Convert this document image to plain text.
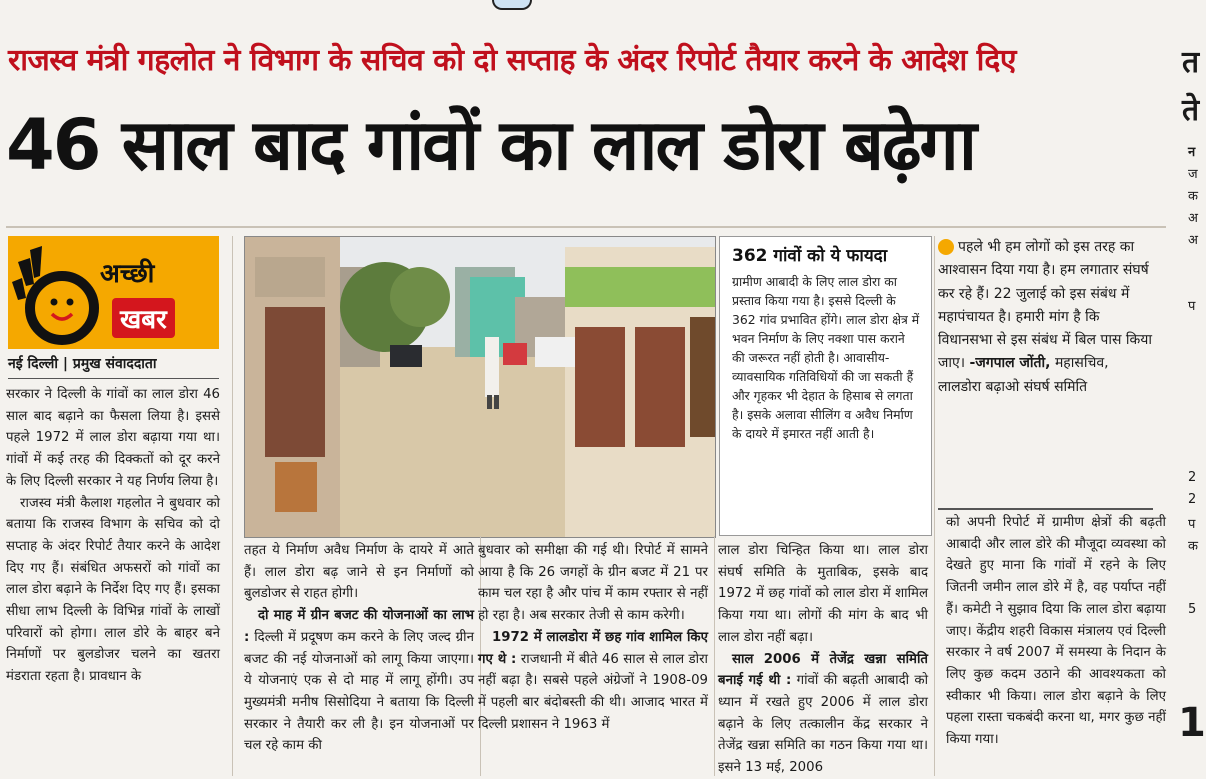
राजस्व मंत्री गहलोत ने विभाग के सचिव को दो सप्ताह के अंदर रिपोर्ट तैयार करने के आदेश दिए
46 साल बाद गांवों का लाल डोरा बढ़ेगा
अच्छी
खबर
नई दिल्ली | प्रमुख संवाददाता

सरकार ने दिल्ली के गांवों का लाल डोरा 46 साल बाद बढ़ाने का फैसला लिया है। इससे पहले 1972 में लाल डोरा बढ़ाया गया था। गांवों में कई तरह की दिक्कतों को दूर करने के लिए दिल्ली सरकार ने यह निर्णय लिया है।

राजस्व मंत्री कैलाश गहलोत ने बुधवार को बताया कि राजस्व विभाग के सचिव को दो सप्ताह के अंदर रिपोर्ट तैयार करने के आदेश दिए गए हैं। संबंधित अफसरों को गांवों का लाल डोरा बढ़ाने के निर्देश दिए गए हैं। इसका सीधा लाभ दिल्ली के विभिन्न गांवों के लाखों परिवारों को होगा। लाल डोरे के बाहर बने निर्माणों पर बुलडोजर चलने का खतरा मंडराता रहता है। प्रावधान के

362 गांवों को ये फायदा

ग्रामीण आबादी के लिए लाल डोरा का प्रस्ताव किया गया है। इससे दिल्ली के 362 गांव प्रभावित होंगे। लाल डोरा क्षेत्र में भवन निर्माण के लिए नक्शा पास कराने की जरूरत नहीं होती है। आवासीय-व्यावसायिक गतिविधियों की जा सकती हैं और गृहकर भी देहात के हिसाब से लगता है। इसके अलावा सीलिंग व अवैध निर्माण के दायरे में इमारत नहीं आती है।

पहले भी हम लोगों को इस तरह का आश्वासन दिया गया है। हम लगातार संघर्ष कर रहे हैं। 22 जुलाई को इस संबंध में महापंचायत है। हमारी मांग है कि विधानसभा से इस संबंध में बिल पास किया जाए। -जगपाल जोंती, महासचिव, लालडोरा बढ़ाओ संघर्ष समिति

तहत ये निर्माण अवैध निर्माण के दायरे में आते हैं। लाल डोरा बढ़ जाने से इन निर्माणों को बुलडोजर से राहत होगी।

दो माह में ग्रीन बजट की योजनाओं का लाभ : दिल्ली में प्रदूषण कम करने के लिए जल्द ग्रीन बजट की नई योजनाओं को लागू किया जाएगा। ये योजनाएं एक से दो माह में लागू होंगी। उप मुख्यमंत्री मनीष सिसोदिया ने बताया कि दिल्ली सरकार ने तैयारी कर ली है। इन योजनाओं पर चल रहे काम की

बुधवार को समीक्षा की गई थी। रिपोर्ट में सामने आया है कि 26 जगहों के ग्रीन बजट में 21 पर काम चल रहा है और पांच में काम रफ्तार से नहीं हो रहा है। अब सरकार तेजी से काम करेगी।

1972 में लालडोरा में छह गांव शामिल किए गए थे : राजधानी में बीते 46 साल से लाल डोरा नहीं बढ़ा है। सबसे पहले अंग्रेजों ने 1908-09 में पहली बार बंदोबस्ती की थी। आजाद भारत में दिल्ली प्रशासन ने 1963 में

लाल डोरा चिन्हित किया था। लाल डोरा संघर्ष समिति के मुताबिक, इसके बाद 1972 में छह गांवों को लाल डोरा में शामिल किया गया था। लोगों की मांग के बाद भी लाल डोरा नहीं बढ़ा।

साल 2006 में तेजेंद्र खन्ना समिति बनाई गई थी : गांवों की बढ़ती आबादी को ध्यान में रखते हुए 2006 में लाल डोरा बढ़ाने के लिए तत्कालीन केंद्र सरकार ने तेजेंद्र खन्ना समिति का गठन किया गया था। इसने 13 मई, 2006

को अपनी रिपोर्ट में ग्रामीण क्षेत्रों की बढ़ती आबादी और लाल डोरे की मौजूदा व्यवस्था को देखते हुए माना कि गांवों में रहने के लिए जितनी जमीन लाल डोरे में है, वह पर्याप्त नहीं हैं। कमेटी ने सुझाव दिया कि लाल डोरा बढ़ाया जाए। केंद्रीय शहरी विकास मंत्रालय एवं दिल्ली सरकार ने वर्ष 2007 में समस्या के निदान के लिए कुछ कदम उठाने की आवश्यकता को स्वीकार भी किया। लाल डोरा बढ़ाने के लिए पहला रास्ता चकबंदी करना था, मगर कुछ नहीं किया गया।

त
ते
न
ज
क
अ
अ
प
2
2
प
क
5
1
